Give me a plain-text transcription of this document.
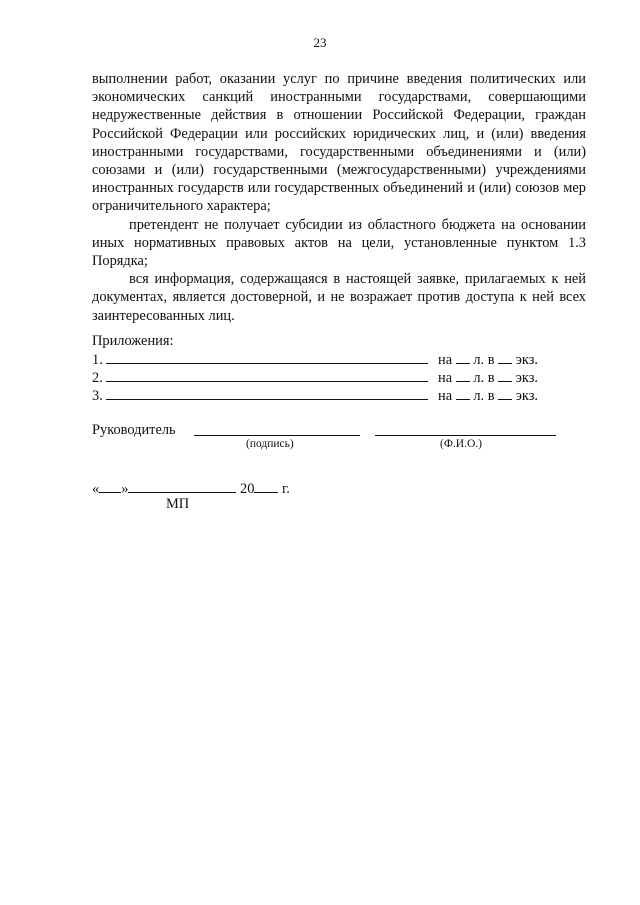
23

выполнении работ, оказании услуг по причине введения политических или экономических санкций иностранными государствами, совершающими недружественные действия в отношении Российской Федерации, граждан Российской Федерации или российских юридических лиц, и (или) введения иностранными государствами, государственными объединениями и (или) союзами и (или) государственными (межгосударственными) учреждениями иностранных государств или государственных объединений и (или) союзов мер ограничительного характера;

претендент не получает субсидии из областного бюджета на основании иных нормативных правовых актов на цели, установленные пунктом 1.3 Порядка;

вся информация, содержащаяся в настоящей заявке, прилагаемых к ней документах, является достоверной, и не возражает против доступа к ней всех заинтересованных лиц.

Приложения:
1.	на л. в экз.
2.	на л. в экз.
3.	на л. в экз.
Руководитель
(подпись)	(Ф.И.О.)
« »	20 г.
МП
